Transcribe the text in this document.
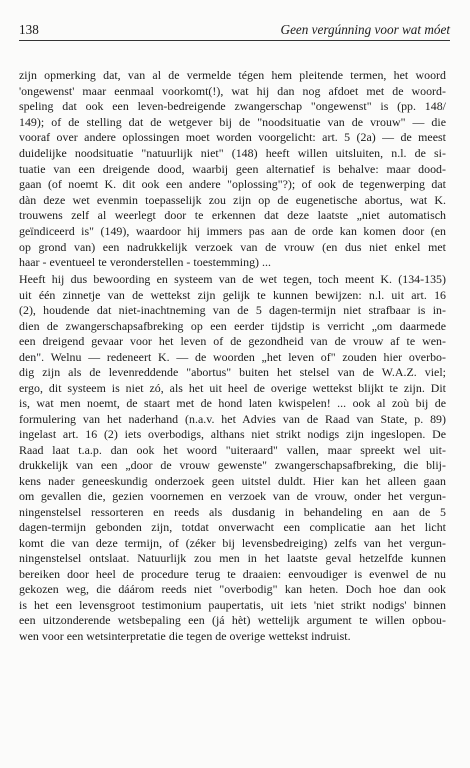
138	Geen vergúnning voor wat móet

zijn opmerking dat, van al de vermelde tégen hem pleitende termen, het woord
'ongewenst' maar eenmaal voorkomt(!), wat hij dan nog afdoet met de woord-
speling dat ook een leven-bedreigende zwangerschap "ongewenst" is (pp. 148/
149); of de stelling dat de wetgever bij de "noodsituatie van de vrouw" — die
vooraf over andere oplossingen moet worden voorgelicht: art. 5 (2a) — de meest
duidelijke noodsituatie "natuurlijk niet" (148) heeft willen uitsluiten, n.l. de si-
tuatie van een dreigende dood, waarbij geen alternatief is behalve: maar dood-
gaan (of noemt K. dit ook een andere "oplossing"?); of ook de tegenwerping dat
dàn deze wet evenmin toepasselijk zou zijn op de eugenetische abortus, wat K.
trouwens zelf al weerlegt door te erkennen dat deze laatste „niet automatisch
geïndiceerd is" (149), waardoor hij immers pas aan de orde kan komen door (en
op grond van) een nadrukkelijk verzoek van de vrouw (en dus niet enkel met
haar - eventueel te veronderstellen - toestemming) ...

Heeft hij dus bewoording en systeem van de wet tegen, toch meent K. (134-135)
uit één zinnetje van de wettekst zijn gelijk te kunnen bewijzen: n.l. uit art. 16
(2), houdende dat niet-inachtneming van de 5 dagen-termijn niet strafbaar is in-
dien de zwangerschapsafbreking op een eerder tijdstip is verricht „om daarmede
een dreigend gevaar voor het leven of de gezondheid van de vrouw af te wen-
den". Welnu — redeneert K. — de woorden „het leven of" zouden hier overbo-
dig zijn als de levenreddende "abortus" buiten het stelsel van de W.A.Z. viel;
ergo, dit systeem is niet zó, als het uit heel de overige wettekst blijkt te zijn. Dit
is, wat men noemt, de staart met de hond laten kwispelen! ... ook al zoù bij de
formulering van het naderhand (n.a.v. het Advies van de Raad van State, p. 89)
ingelast art. 16 (2) iets overbodigs, althans niet strikt nodigs zijn ingeslopen. De
Raad laat t.a.p. dan ook het woord "uiteraard" vallen, maar spreekt wel uit-
drukkelijk van een „door de vrouw gewenste" zwangerschapsafbreking, die blij-
kens nader geneeskundig onderzoek geen uitstel duldt. Hier kan het alleen gaan
om gevallen die, gezien voornemen en verzoek van de vrouw, onder het vergun-
ningenstelsel ressorteren en reeds als dusdanig in behandeling en aan de 5
dagen-termijn gebonden zijn, totdat onverwacht een complicatie aan het licht
komt die van deze termijn, of (zéker bij levensbedreiging) zelfs van het vergun-
ningenstelsel ontslaat. Natuurlijk zou men in het laatste geval hetzelfde kunnen
bereiken door heel de procedure terug te draaien: eenvoudiger is evenwel de nu
gekozen weg, die dáárom reeds niet "overbodig" kan heten. Doch hoe dan ook
is het een levensgroot testimonium paupertatis, uit iets 'niet strikt nodigs' binnen
een uitzonderende wetsbepaling een (já hèt) wettelijk argument te willen opbou-
wen voor een wetsinterpretatie die tegen de overige wettekst indruist.
